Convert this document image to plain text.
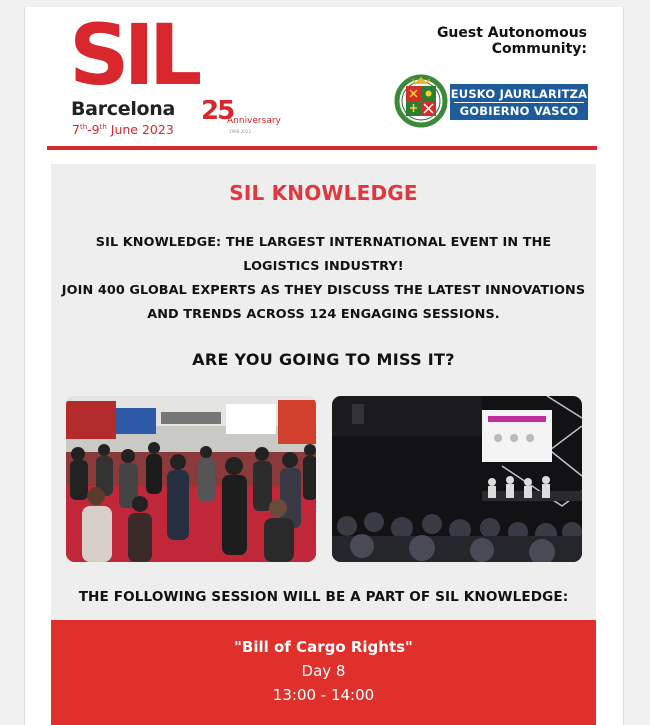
SIL
Barcelona 25
Anniversary
1998-2023
7th-9th June 2023
Guest Autonomous Community:
EUSKO JAURLARITZA
GOBIERNO VASCO
SIL KNOWLEDGE
SIL KNOWLEDGE: THE LARGEST INTERNATIONAL EVENT IN THE LOGISTICS INDUSTRY!
JOIN 400 GLOBAL EXPERTS AS THEY DISCUSS THE LATEST INNOVATIONS AND TRENDS ACROSS 124 ENGAGING SESSIONS.
ARE YOU GOING TO MISS IT?
THE FOLLOWING SESSION WILL BE A PART OF SIL KNOWLEDGE:
"Bill of Cargo Rights"
Day 8
13:00 - 14:00
